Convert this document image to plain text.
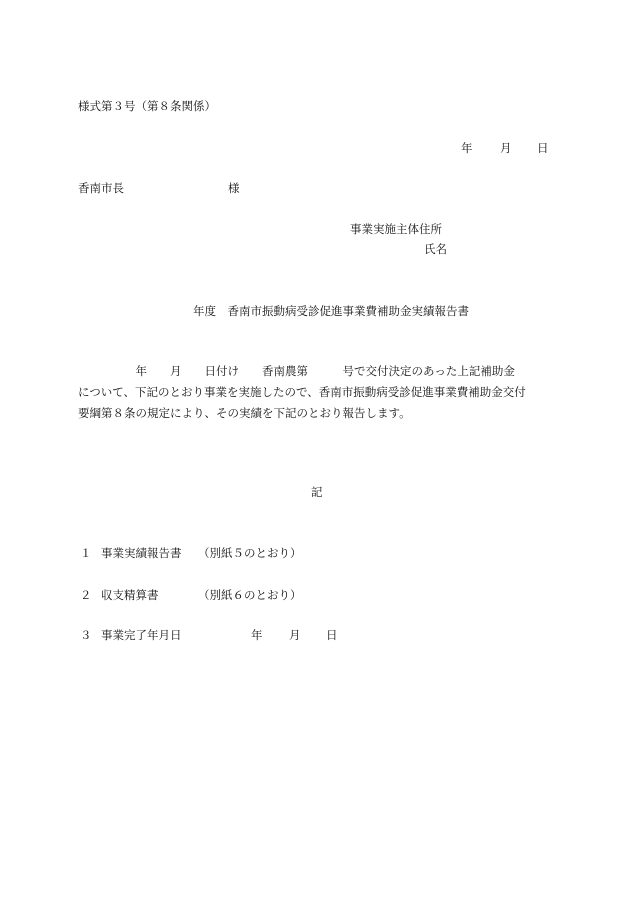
様式第３号（第８条関係）
年 月 日
香南市長	様
事業実施主体住所
氏名
年度　香南市振動病受診促進事業費補助金実績報告書
　　　　　年　　月　　日付け　　香南農第　　　号で交付決定のあった上記補助金
について、下記のとおり事業を実施したので、香南市振動病受診促進事業費補助金交付
要綱第８条の規定により、その実績を下記のとおり報告します。
記
１ 事業実績報告書 （別紙５のとおり）
２ 収支精算書	（別紙６のとおり）
３ 事業完了年月日	年 月 日
